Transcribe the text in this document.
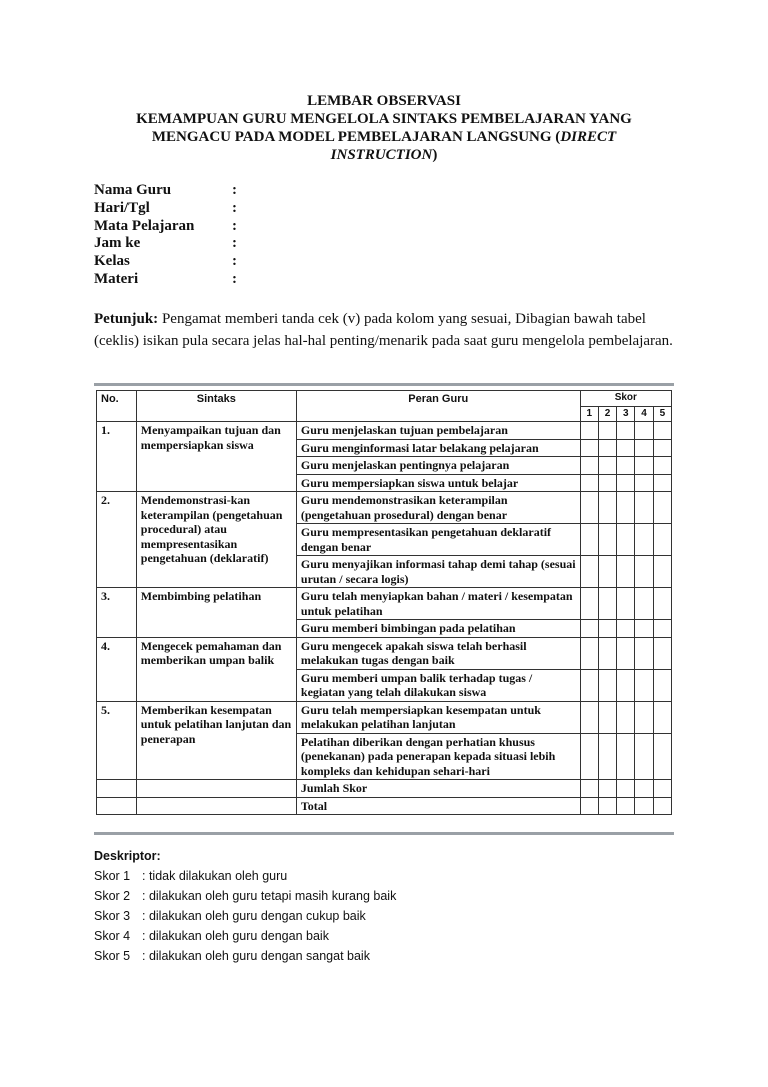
LEMBAR OBSERVASI
KEMAMPUAN GURU MENGELOLA SINTAKS PEMBELAJARAN YANG
MENGACU PADA MODEL PEMBELAJARAN LANGSUNG (DIRECT
INSTRUCTION)
Nama Guru	:
Hari/Tgl	:
Mata Pelajaran	:
Jam ke	:
Kelas	:
Materi	:
Petunjuk: Pengamat memberi tanda cek (v) pada kolom yang sesuai, Dibagian bawah tabel (ceklis) isikan pula secara jelas hal-hal penting/menarik pada saat guru mengelola pembelajaran.
No.	Sintaks	Peran Guru	Skor				
			1	2	3	4	5
1.	Menyampaikan tujuan dan mempersiapkan siswa	Guru menjelaskan tujuan pembelajaran					
		Guru menginformasi latar belakang pelajaran					
		Guru menjelaskan pentingnya pelajaran					
		Guru mempersiapkan siswa untuk belajar					
2.	Mendemonstrasi-kan keterampilan (pengetahuan procedural) atau mempresentasikan pengetahuan (deklaratif)	Guru mendemonstrasikan keterampilan (pengetahuan prosedural) dengan benar					
		Guru mempresentasikan pengetahuan deklaratif dengan benar					
		Guru menyajikan informasi tahap demi tahap (sesuai urutan / secara logis)					
3.	Membimbing pelatihan	Guru telah menyiapkan bahan / materi / kesempatan untuk pelatihan					
		Guru memberi bimbingan pada pelatihan					
4.	Mengecek pemahaman dan memberikan umpan balik	Guru mengecek apakah siswa telah berhasil melakukan tugas dengan baik					
		Guru memberi umpan balik terhadap tugas / kegiatan yang telah dilakukan siswa					
5.	Memberikan kesempatan untuk pelatihan lanjutan dan penerapan	Guru telah mempersiapkan kesempatan untuk melakukan pelatihan lanjutan					
		Pelatihan diberikan dengan perhatian khusus (penekanan) pada penerapan kepada situasi lebih kompleks dan kehidupan sehari-hari					
		Jumlah Skor					
		Total					
Deskriptor:
Skor 1 : tidak dilakukan oleh guru
Skor 2 : dilakukan oleh guru tetapi masih kurang baik
Skor 3 : dilakukan oleh guru dengan cukup baik
Skor 4 : dilakukan oleh guru dengan baik
Skor 5 : dilakukan oleh guru dengan sangat baik
